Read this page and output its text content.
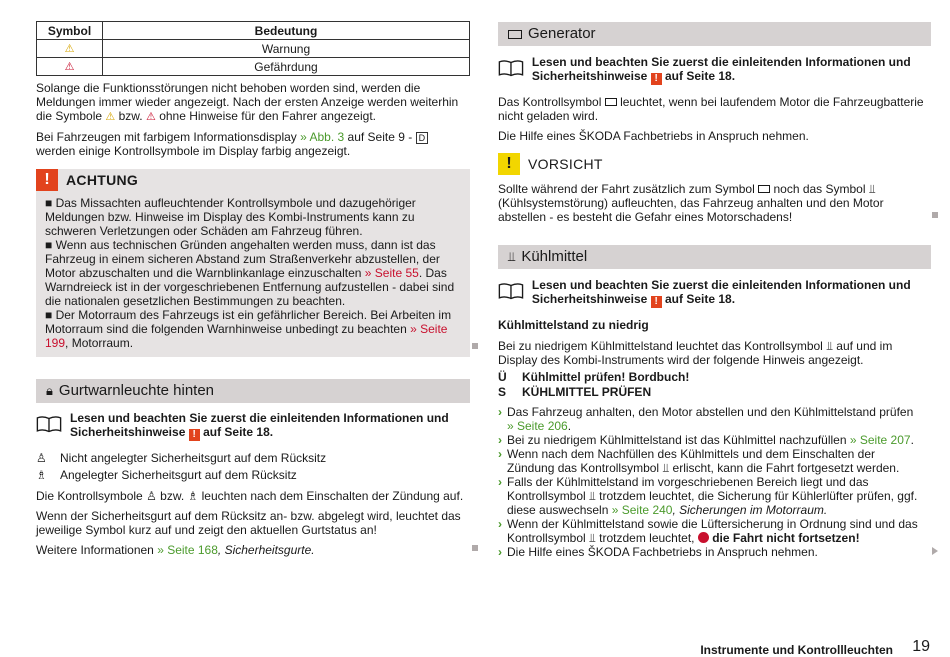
Symbol	Bedeutung
⚠	Warnung
⚠	Gefährdung

Solange die Funktionsstörungen nicht behoben worden sind, werden die Meldungen immer wieder angezeigt. Nach der ersten Anzeige werden weiterhin die Symbole ⚠ bzw. ⚠ ohne Hinweise für den Fahrer angezeigt.

Bei Fahrzeugen mit farbigem Informationsdisplay » Abb. 3 auf Seite 9 - D werden einige Kontrollsymbole im Display farbig angezeigt.

!	ACHTUNG

■ Das Missachten aufleuchtender Kontrollsymbole und dazugehöriger Meldungen bzw. Hinweise im Display des Kombi-Instruments kann zu schweren Verletzungen oder Schäden am Fahrzeug führen.

■ Wenn aus technischen Gründen angehalten werden muss, dann ist das Fahrzeug in einem sicheren Abstand zum Straßenverkehr abzustellen, der Motor abzuschalten und die Warnblinkanlage einzuschalten » Seite 55. Das Warndreieck ist in der vorgeschriebenen Entfernung aufzustellen - dabei sind die nationalen gesetzlichen Bestimmungen zu beachten.

■ Der Motorraum des Fahrzeugs ist ein gefährlicher Bereich. Bei Arbeiten im Motorraum sind die folgenden Warnhinweise unbedingt zu beachten » Seite 199, Motorraum.

🔒︎ Gurtwarnleuchte hinten
Lesen und beachten Sie zuerst die einleitenden Informationen und Sicherheitshinweise ! auf Seite 18.
♙	Nicht angelegter Sicherheitsgurt auf dem Rücksitz
♗	Angelegter Sicherheitsgurt auf dem Rücksitz

Die Kontrollsymbole ♙ bzw. ♗ leuchten nach dem Einschalten der Zündung auf.

Wenn der Sicherheitsgurt auf dem Rücksitz an- bzw. abgelegt wird, leuchtet das jeweilige Symbol kurz auf und zeigt den aktuellen Gurtstatus an!

Weitere Informationen » Seite 168, Sicherheitsgurte.

Generator
Lesen und beachten Sie zuerst die einleitenden Informationen und Sicherheitshinweise ! auf Seite 18.

Das Kontrollsymbol leuchtet, wenn bei laufendem Motor die Fahrzeugbatterie nicht geladen wird.

Die Hilfe eines ŠKODA Fachbetriebs in Anspruch nehmen.

!	VORSICHT

Sollte während der Fahrt zusätzlich zum Symbol noch das Symbol ⫫ (Kühlsystemstörung) aufleuchten, das Fahrzeug anhalten und den Motor abstellen - es besteht die Gefahr eines Motorschadens!

⫫ Kühlmittel
Lesen und beachten Sie zuerst die einleitenden Informationen und Sicherheitshinweise ! auf Seite 18.

Kühlmittelstand zu niedrig

Bei zu niedrigem Kühlmittelstand leuchtet das Kontrollsymbol ⫫ auf und im Display des Kombi-Instruments wird der folgende Hinweis angezeigt.

Ü	Kühlmittel prüfen! Bordbuch!
S	KÜHLMITTEL PRÜFEN
› Das Fahrzeug anhalten, den Motor abstellen und den Kühlmittelstand prüfen » Seite 206.
› Bei zu niedrigem Kühlmittelstand ist das Kühlmittel nachzufüllen » Seite 207.
› Wenn nach dem Nachfüllen des Kühlmittels und dem Einschalten der Zündung das Kontrollsymbol ⫫ erlischt, kann die Fahrt fortgesetzt werden.
› Falls der Kühlmittelstand im vorgeschriebenen Bereich liegt und das Kontrollsymbol ⫫ trotzdem leuchtet, die Sicherung für Kühlerlüfter prüfen, ggf. diese auswechseln » Seite 240, Sicherungen im Motorraum.
› Wenn der Kühlmittelstand sowie die Lüftersicherung in Ordnung sind und das Kontrollsymbol ⫫ trotzdem leuchtet, die Fahrt nicht fortsetzen!
› Die Hilfe eines ŠKODA Fachbetriebs in Anspruch nehmen.
Instrumente und Kontrollleuchten 19
